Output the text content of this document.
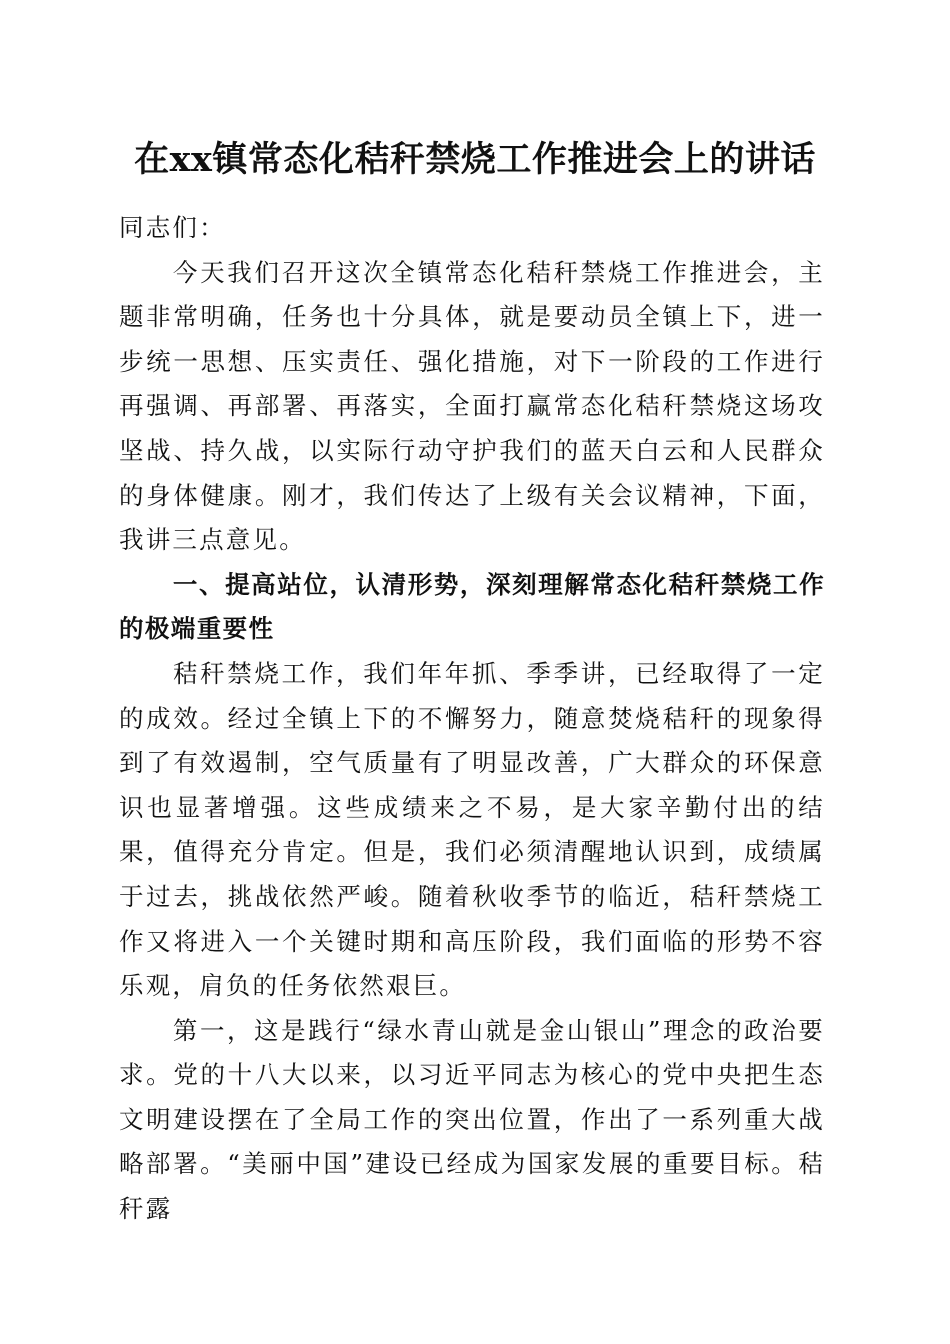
在xx镇常态化秸秆禁烧工作推进会上的讲话

同志们：

今天我们召开这次全镇常态化秸秆禁烧工作推进会，主题非常明确，任务也十分具体，就是要动员全镇上下，进一步统一思想、压实责任、强化措施，对下一阶段的工作进行再强调、再部署、再落实，全面打赢常态化秸秆禁烧这场攻坚战、持久战，以实际行动守护我们的蓝天白云和人民群众的身体健康。刚才，我们传达了上级有关会议精神，下面，我讲三点意见。

一、提高站位，认清形势，深刻理解常态化秸秆禁烧工作的极端重要性

秸秆禁烧工作，我们年年抓、季季讲，已经取得了一定的成效。经过全镇上下的不懈努力，随意焚烧秸秆的现象得到了有效遏制，空气质量有了明显改善，广大群众的环保意识也显著增强。这些成绩来之不易，是大家辛勤付出的结果，值得充分肯定。但是，我们必须清醒地认识到，成绩属于过去，挑战依然严峻。随着秋收季节的临近，秸秆禁烧工作又将进入一个关键时期和高压阶段，我们面临的形势不容乐观，肩负的任务依然艰巨。

第一，这是践行“绿水青山就是金山银山”理念的政治要求。党的十八大以来，以习近平同志为核心的党中央把生态文明建设摆在了全局工作的突出位置，作出了一系列重大战略部署。“美丽中国”建设已经成为国家发展的重要目标。秸秆露
